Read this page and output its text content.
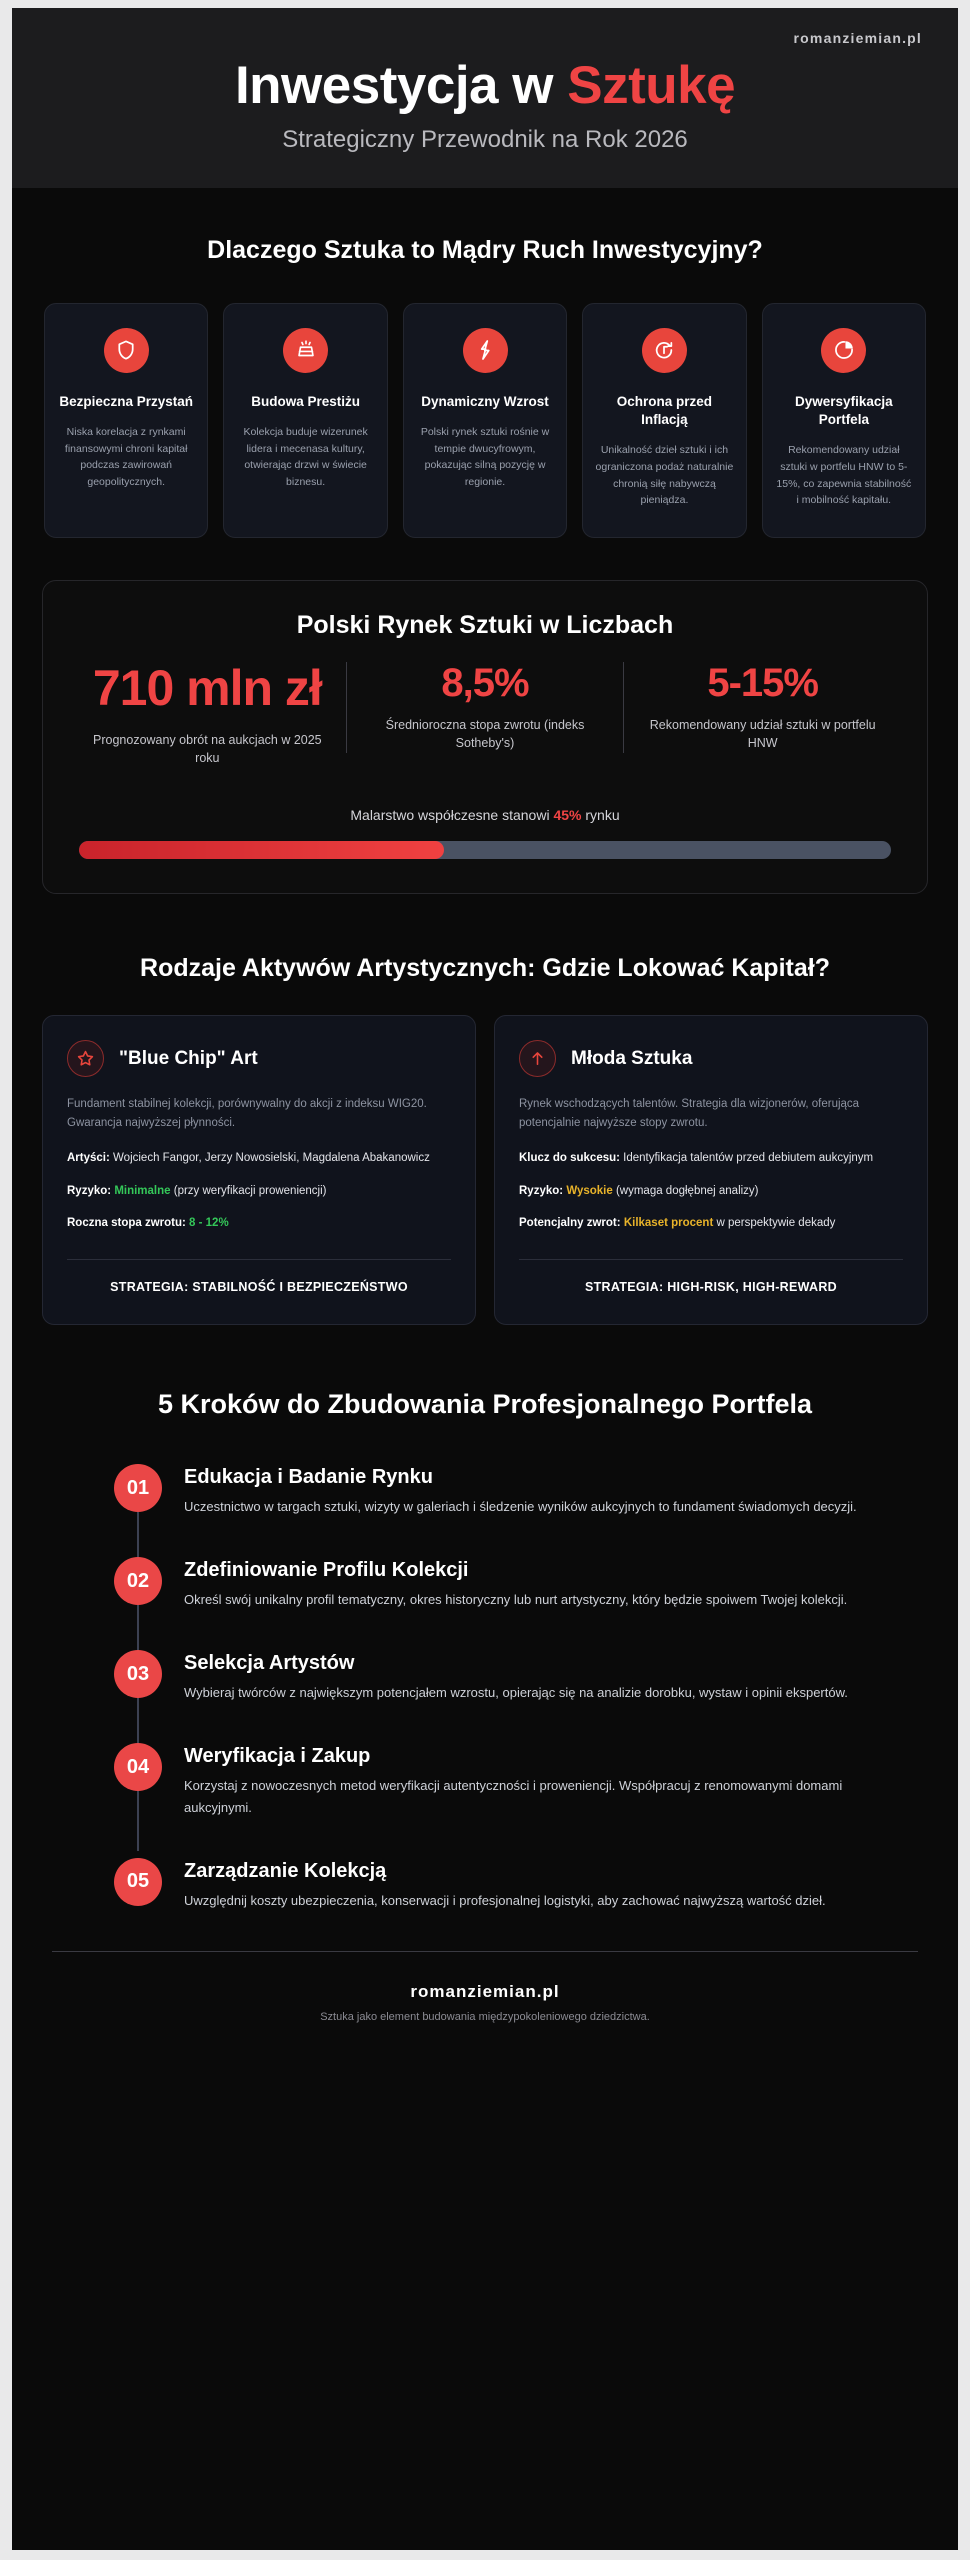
romanziemian.pl
Inwestycja w Sztukę
Strategiczny Przewodnik na Rok 2026
Dlaczego Sztuka to Mądry Ruch Inwestycyjny?
Bezpieczna Przystań

Niska korelacja z rynkami finansowymi chroni kapitał podczas zawirowań geopolitycznych.

Budowa Prestiżu

Kolekcja buduje wizerunek lidera i mecenasa kultury, otwierając drzwi w świecie biznesu.

Dynamiczny Wzrost

Polski rynek sztuki rośnie w tempie dwucyfrowym, pokazując silną pozycję w regionie.

Ochrona przed Inflacją

Unikalność dzieł sztuki i ich ograniczona podaż naturalnie chronią siłę nabywczą pieniądza.

Dywersyfikacja Portfela

Rekomendowany udział sztuki w portfelu HNW to 5-15%, co zapewnia stabilność i mobilność kapitału.

Polski Rynek Sztuki w Liczbach
710 mln zł
Prognozowany obrót na aukcjach w 2025 roku
8,5%
Średnioroczna stopa zwrotu (indeks Sotheby's)
5-15%
Rekomendowany udział sztuki w portfelu HNW
Malarstwo współczesne stanowi 45% rynku
Rodzaje Aktywów Artystycznych: Gdzie Lokować Kapitał?
"Blue Chip" Art
Fundament stabilnej kolekcji, porównywalny do akcji z indeksu WIG20. Gwarancja najwyższej płynności.
Artyści: Wojciech Fangor, Jerzy Nowosielski, Magdalena Abakanowicz
Ryzyko: Minimalne (przy weryfikacji proweniencji)
Roczna stopa zwrotu: 8 - 12%
STRATEGIA: STABILNOŚĆ I BEZPIECZEŃSTWO
Młoda Sztuka
Rynek wschodzących talentów. Strategia dla wizjonerów, oferująca potencjalnie najwyższe stopy zwrotu.
Klucz do sukcesu: Identyfikacja talentów przed debiutem aukcyjnym
Ryzyko: Wysokie (wymaga dogłębnej analizy)
Potencjalny zwrot: Kilkaset procent w perspektywie dekady
STRATEGIA: HIGH-RISK, HIGH-REWARD
5 Kroków do Zbudowania Profesjonalnego Portfela
01	Edukacja i Badanie Rynku

Uczestnictwo w targach sztuki, wizyty w galeriach i śledzenie wyników aukcyjnych to fundament świadomych decyzji.

02	Zdefiniowanie Profilu Kolekcji

Określ swój unikalny profil tematyczny, okres historyczny lub nurt artystyczny, który będzie spoiwem Twojej kolekcji.

03	Selekcja Artystów

Wybieraj twórców z największym potencjałem wzrostu, opierając się na analizie dorobku, wystaw i opinii ekspertów.

04	Weryfikacja i Zakup

Korzystaj z nowoczesnych metod weryfikacji autentyczności i proweniencji. Współpracuj z renomowanymi domami aukcyjnymi.

05	Zarządzanie Kolekcją

Uwzględnij koszty ubezpieczenia, konserwacji i profesjonalnej logistyki, aby zachować najwyższą wartość dzieł.

romanziemian.pl
Sztuka jako element budowania międzypokoleniowego dziedzictwa.
